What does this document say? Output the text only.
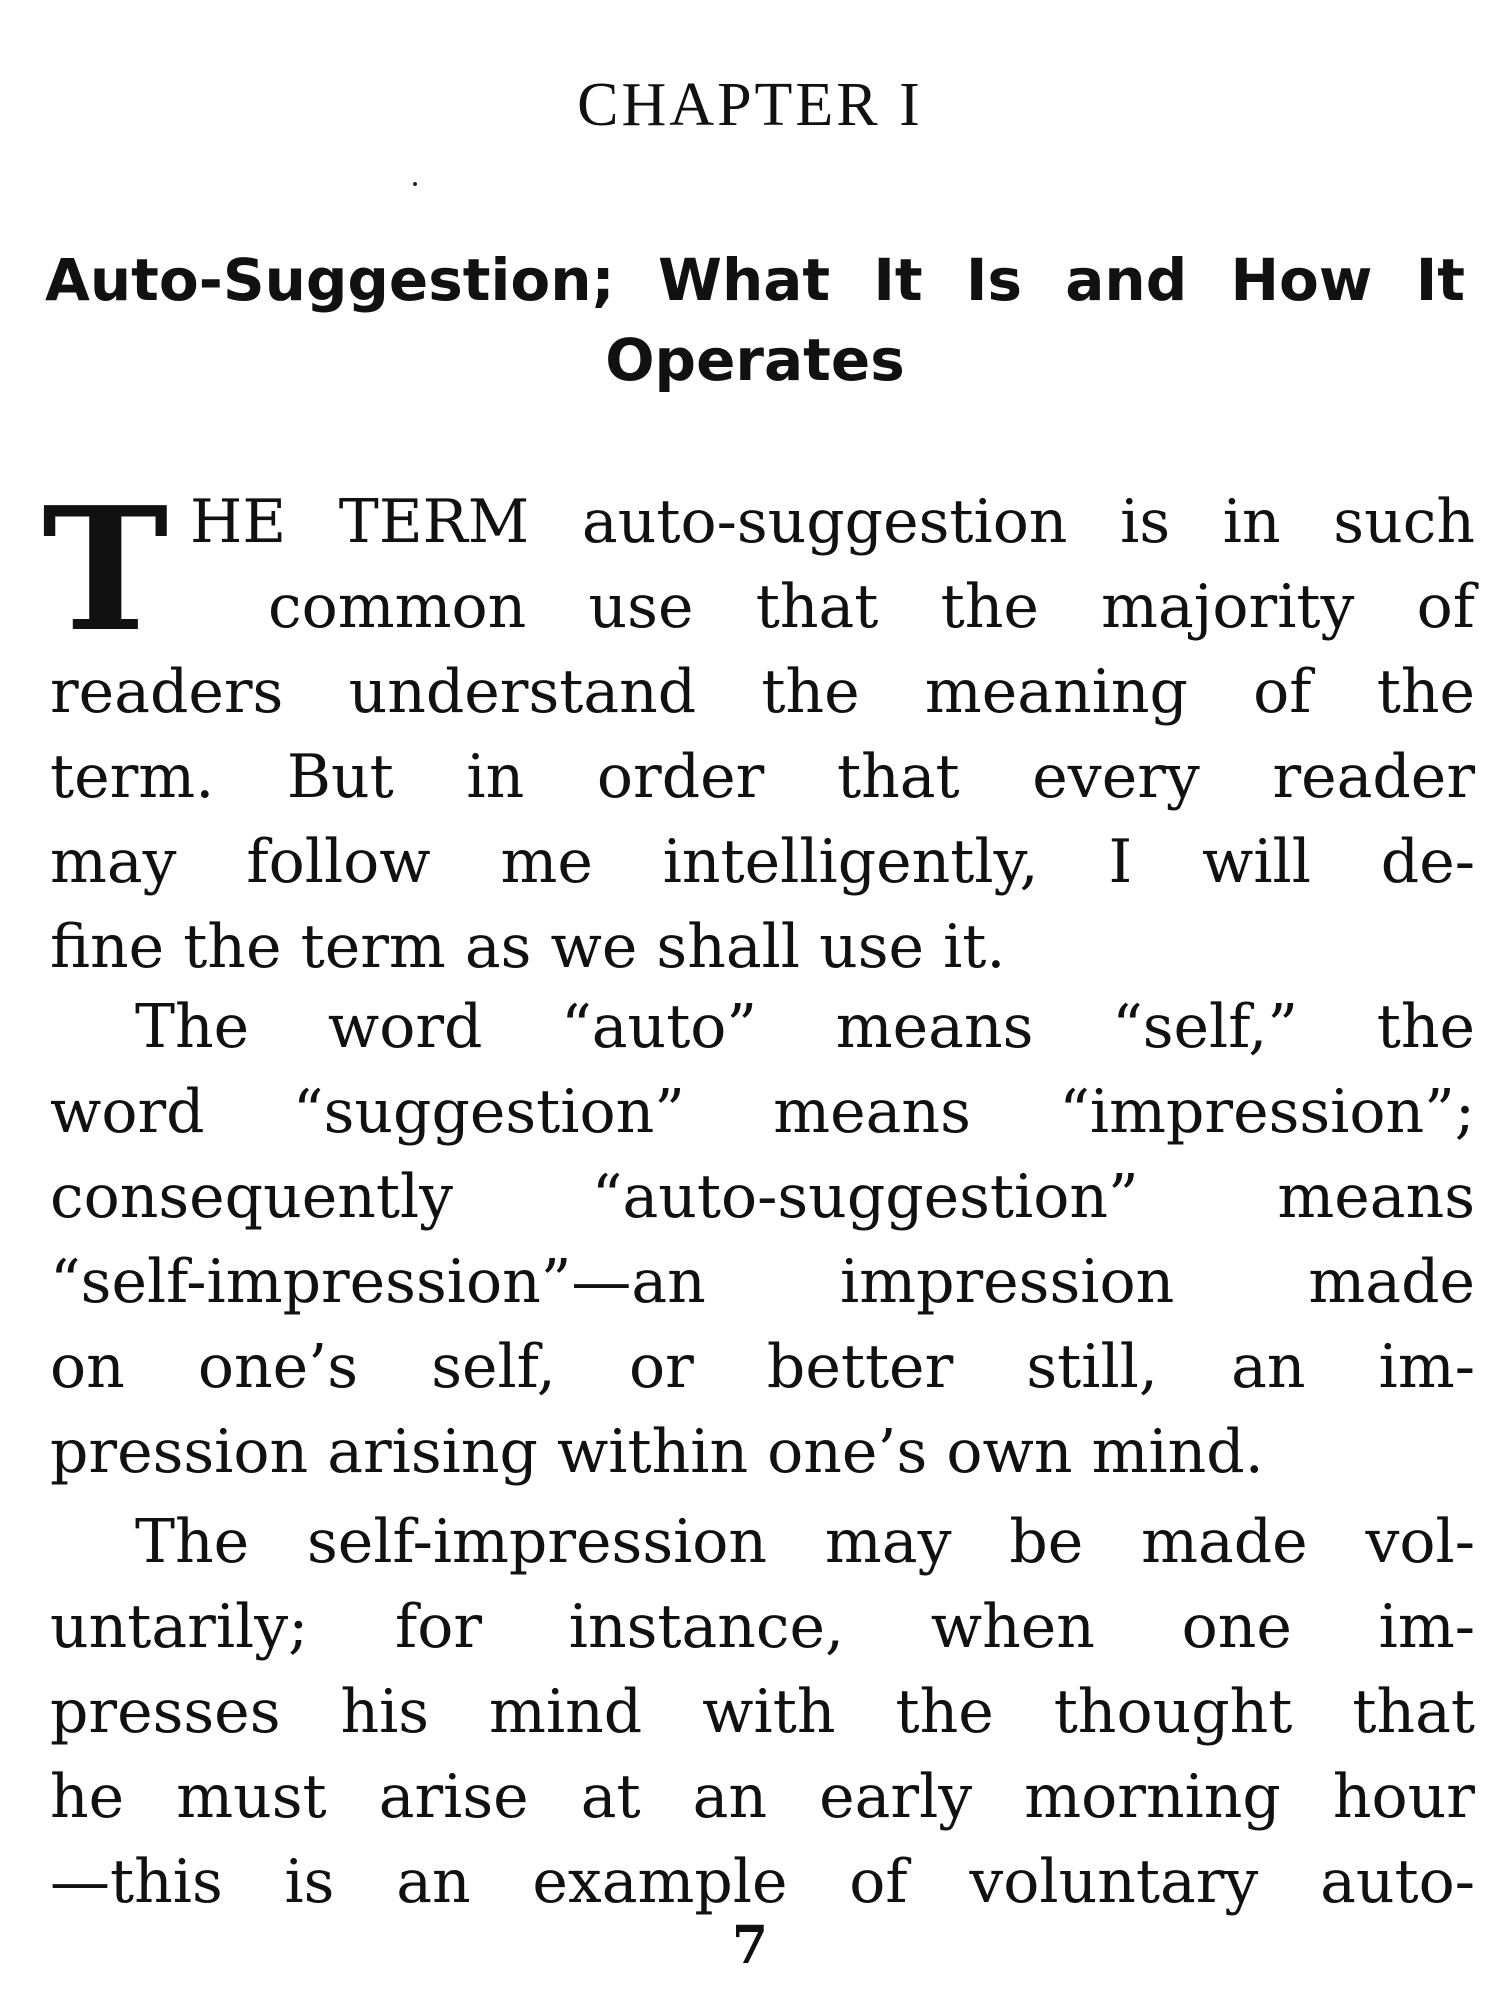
CHAPTER I
Auto-Suggestion; What It Is and How It
Operates
T HE TERM auto-suggestion is in such
common use that the majority of
readers understand the meaning of the
term. But in order that every reader
may follow me intelligently, I will de-
fine the term as we shall use it.
The word “auto” means “self,” the
word “suggestion” means “impression”;
consequently “auto-suggestion” means
“self-impression”—an impression made
on one’s self, or better still, an im-
pression arising within one’s own mind.
The self-impression may be made vol-
untarily; for instance, when one im-
presses his mind with the thought that
he must arise at an early morning hour
—this is an example of voluntary auto-
7
